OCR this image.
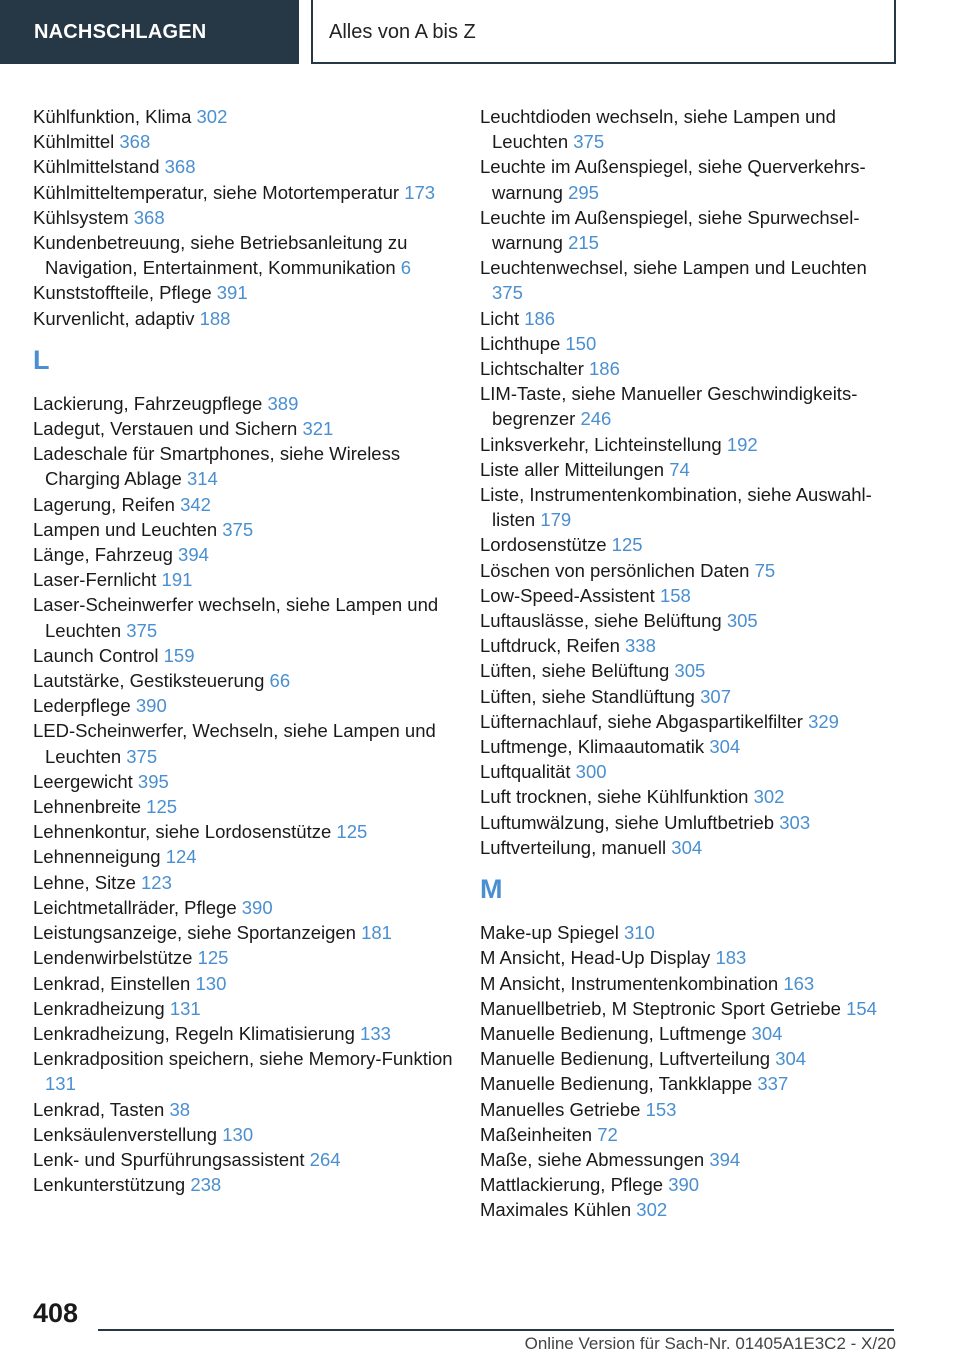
NACHSCHLAGEN	Alles von A bis Z
Kühlfunktion, Klima 302
Kühlmittel 368
Kühlmittelstand 368
Kühlmitteltemperatur, siehe Motortemperatur 173
Kühlsystem 368
Kundenbetreuung, siehe Betriebsanleitung zu Navigation, Entertainment, Kommunikation 6
Kunststoffteile, Pflege 391
Kurvenlicht, adaptiv 188
L
Lackierung, Fahrzeugpflege 389
Ladegut, Verstauen und Sichern 321
Ladeschale für Smartphones, siehe Wireless Charging Ablage 314
Lagerung, Reifen 342
Lampen und Leuchten 375
Länge, Fahrzeug 394
Laser-Fernlicht 191
Laser-Scheinwerfer wechseln, siehe Lampen und Leuchten 375
Launch Control 159
Lautstärke, Gestiksteuerung 66
Lederpflege 390
LED-Scheinwerfer, Wechseln, siehe Lampen und Leuchten 375
Leergewicht 395
Lehnenbreite 125
Lehnenkontur, siehe Lordosenstütze 125
Lehnenneigung 124
Lehne, Sitze 123
Leichtmetallräder, Pflege 390
Leistungsanzeige, siehe Sportanzeigen 181
Lendenwirbelstütze 125
Lenkrad, Einstellen 130
Lenkradheizung 131
Lenkradheizung, Regeln Klimatisierung 133
Lenkradposition speichern, siehe Memory-Funktion 131
Lenkrad, Tasten 38
Lenksäulenverstellung 130
Lenk- und Spurführungsassistent 264
Lenkunterstützung 238
Leuchtdioden wechseln, siehe Lampen und Leuchten 375
Leuchte im Außenspiegel, siehe Querverkehrswarnung 295
Leuchte im Außenspiegel, siehe Spurwechselwarnung 215
Leuchtenwechsel, siehe Lampen und Leuchten 375
Licht 186
Lichthupe 150
Lichtschalter 186
LIM-Taste, siehe Manueller Geschwindigkeitsbegrenzer 246
Linksverkehr, Lichteinstellung 192
Liste aller Mitteilungen 74
Liste, Instrumentenkombination, siehe Auswahllisten 179
Lordosenstütze 125
Löschen von persönlichen Daten 75
Low-Speed-Assistent 158
Luftauslässe, siehe Belüftung 305
Luftdruck, Reifen 338
Lüften, siehe Belüftung 305
Lüften, siehe Standlüftung 307
Lüfternachlauf, siehe Abgaspartikelfilter 329
Luftmenge, Klimaautomatik 304
Luftqualität 300
Luft trocknen, siehe Kühlfunktion 302
Luftumwälzung, siehe Umluftbetrieb 303
Luftverteilung, manuell 304
M
Make-up Spiegel 310
M Ansicht, Head-Up Display 183
M Ansicht, Instrumentenkombination 163
Manuellbetrieb, M Steptronic Sport Getriebe 154
Manuelle Bedienung, Luftmenge 304
Manuelle Bedienung, Luftverteilung 304
Manuelle Bedienung, Tankklappe 337
Manuelles Getriebe 153
Maßeinheiten 72
Maße, siehe Abmessungen 394
Mattlackierung, Pflege 390
Maximales Kühlen 302
408
Online Version für Sach-Nr. 01405A1E3C2 - X/20
